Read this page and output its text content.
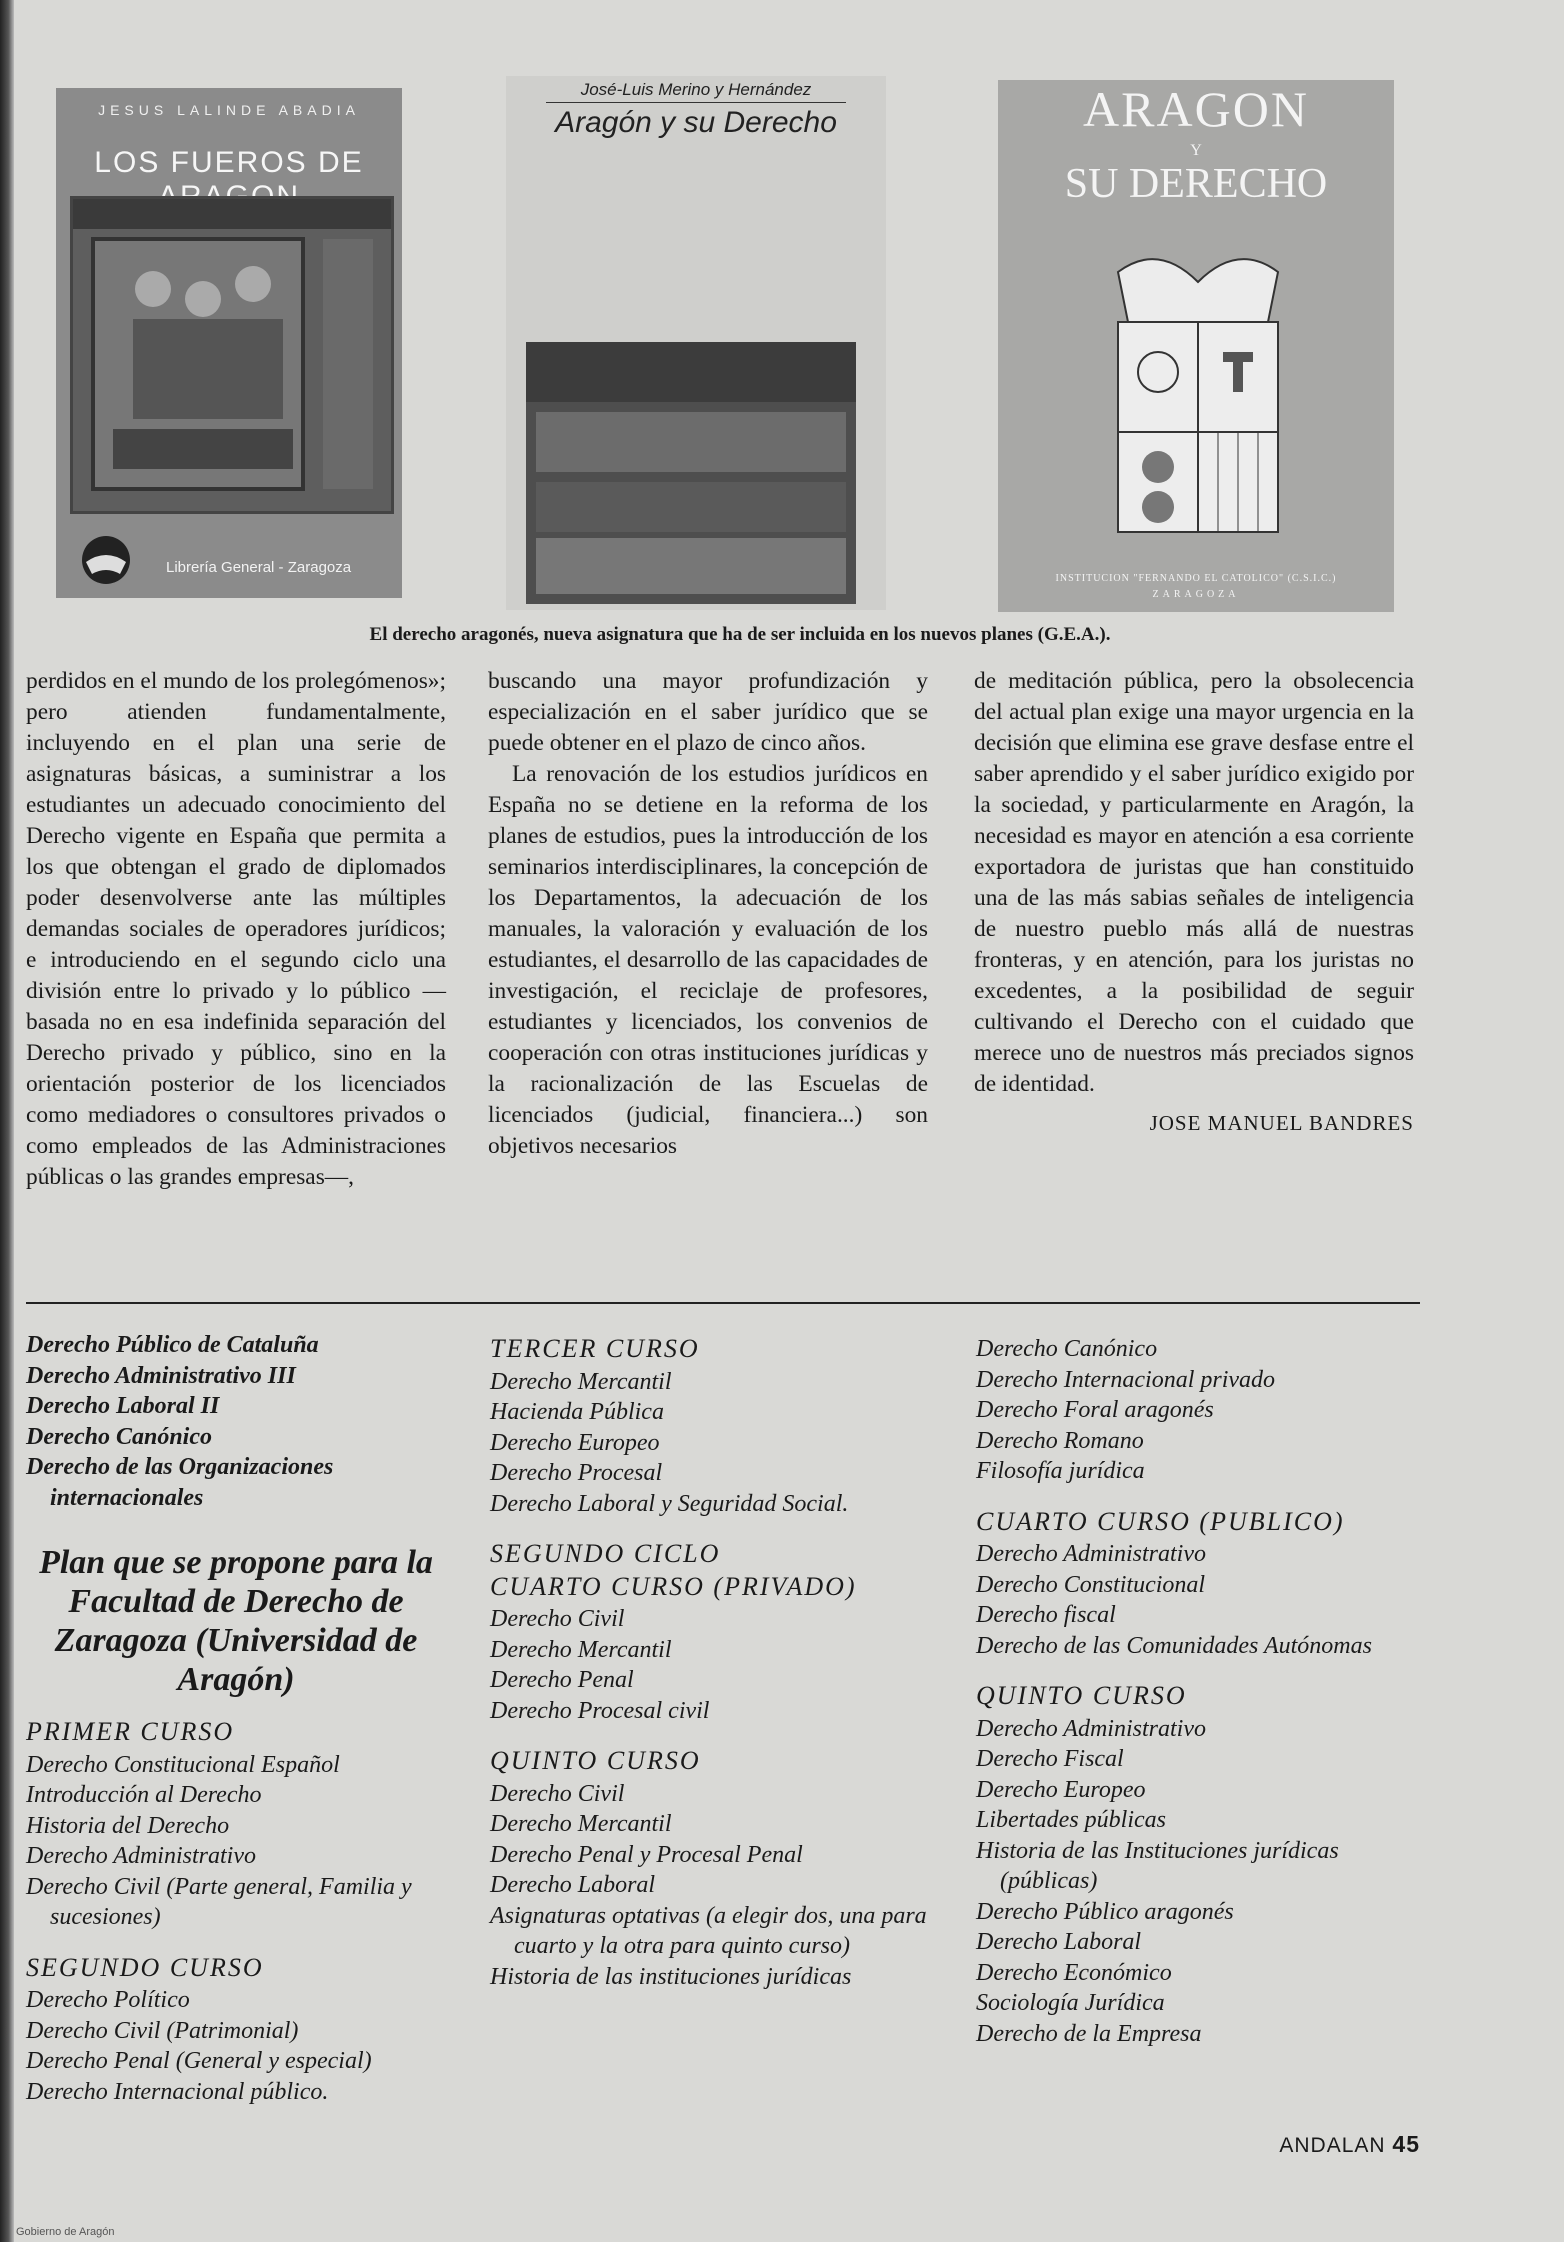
JESUS LALINDE ABADIA
LOS FUEROS DE
Librería General - Zaragoza
José-Luis Merino y Hernández
Aragón y su Derecho	ARAGON
Y
SU DERECHO
INSTITUCION "FERNANDO EL CATOLICO" (C.S.I.C.)
ZARAGOZA
El derecho aragonés, nueva asignatura que ha de ser incluida en los nuevos planes (G.E.A.).

perdidos en el mundo de los prolegómenos»; pero atienden fundamentalmente, incluyendo en el plan una serie de asignaturas básicas, a suministrar a los estudiantes un adecuado conocimiento del Derecho vigente en España que permita a los que obtengan el grado de diplomados poder desenvolverse ante las múltiples demandas sociales de operadores jurídicos; e introduciendo en el segundo ciclo una división entre lo privado y lo público —basada no en esa indefinida separación del Derecho privado y público, sino en la orientación posterior de los licenciados como mediadores o consultores privados o como empleados de las Administraciones públicas o las grandes empresas—,

buscando una mayor profundización y especialización en el saber jurídico que se puede obtener en el plazo de cinco años.

La renovación de los estudios jurídicos en España no se detiene en la reforma de los planes de estudios, pues la introducción de los seminarios interdisciplinares, la concepción de los Departamentos, la adecuación de los manuales, la valoración y evaluación de los estudiantes, el desarrollo de las capacidades de investigación, el reciclaje de profesores, estudiantes y licenciados, los convenios de cooperación con otras instituciones jurídicas y la racionalización de las Escuelas de licenciados (judicial, financiera...) son objetivos necesarios

de meditación pública, pero la obsolecencia del actual plan exige una mayor urgencia en la decisión que elimina ese grave desfase entre el saber aprendido y el saber jurídico exigido por la sociedad, y particularmente en Aragón, la necesidad es mayor en atención a esa corriente exportadora de juristas que han constituido una de las más sabias señales de inteligencia de nuestro pueblo más allá de nuestras fronteras, y en atención, para los juristas no excedentes, a la posibilidad de seguir cultivando el Derecho con el cuidado que merece uno de nuestros más preciados signos de identidad.

JOSE MANUEL BANDRES

Derecho Público de Cataluña
Derecho Administrativo III
Derecho Laboral II
Derecho Canónico
Derecho de las Organizaciones internacionales
Plan que se propone para la Facultad de Derecho de Zaragoza (Universidad de Aragón)
PRIMER CURSO
Derecho Constitucional Español
Introducción al Derecho
Historia del Derecho
Derecho Administrativo
Derecho Civil (Parte general, Familia y sucesiones)
SEGUNDO CURSO
Derecho Político
Derecho Civil (Patrimonial)
Derecho Penal (General y especial)
Derecho Internacional público.
TERCER CURSO
Derecho Mercantil
Hacienda Pública
Derecho Europeo
Derecho Procesal
Derecho Laboral y Seguridad Social.
SEGUNDO CICLO
CUARTO CURSO (PRIVADO)
Derecho Civil
Derecho Mercantil
Derecho Penal
Derecho Procesal civil
QUINTO CURSO
Derecho Civil
Derecho Mercantil
Derecho Penal y Procesal Penal
Derecho Laboral
Asignaturas optativas (a elegir dos, una para cuarto y la otra para quinto curso)
Historia de las instituciones jurídicas
Derecho Canónico
Derecho Internacional privado
Derecho Foral aragonés
Derecho Romano
Filosofía jurídica
CUARTO CURSO (PUBLICO)
Derecho Administrativo
Derecho Constitucional
Derecho fiscal
Derecho de las Comunidades Autónomas
QUINTO CURSO
Derecho Administrativo
Derecho Fiscal
Derecho Europeo
Libertades públicas
Historia de las Instituciones jurídicas (públicas)
Derecho Público aragonés
Derecho Laboral
Derecho Económico
Sociología Jurídica
Derecho de la Empresa
ANDALAN 45
Gobierno de Aragón
